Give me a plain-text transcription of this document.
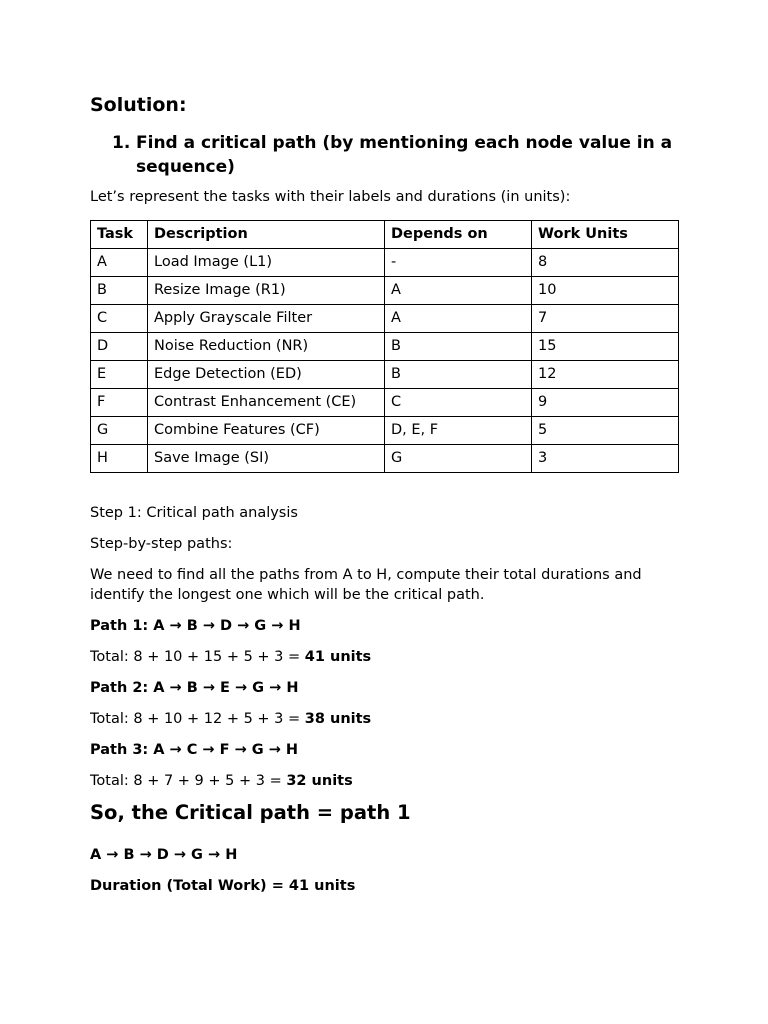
Solution:
1. Find a critical path (by mentioning each node value in a sequence)

Let’s represent the tasks with their labels and durations (in units):

Task	Description	Depends on	Work Units
A	Load Image (L1)	-	8
B	Resize Image (R1)	A	10
C	Apply Grayscale Filter	A	7
D	Noise Reduction (NR)	B	15
E	Edge Detection (ED)	B	12
F	Contrast Enhancement (CE)	C	9
G	Combine Features (CF)	D, E, F	5
H	Save Image (SI)	G	3

Step 1: Critical path analysis

Step-by-step paths:

We need to find all the paths from A to H, compute their total durations and identify the longest one which will be the critical path.

Path 1: A → B → D → G → H

Total: 8 + 10 + 15 + 5 + 3 = 41 units

Path 2: A → B → E → G → H

Total: 8 + 10 + 12 + 5 + 3 = 38 units

Path 3: A → C → F → G → H

Total: 8 + 7 + 9 + 5 + 3 = 32 units

So, the Critical path = path 1

A → B → D → G → H

Duration (Total Work) = 41 units
